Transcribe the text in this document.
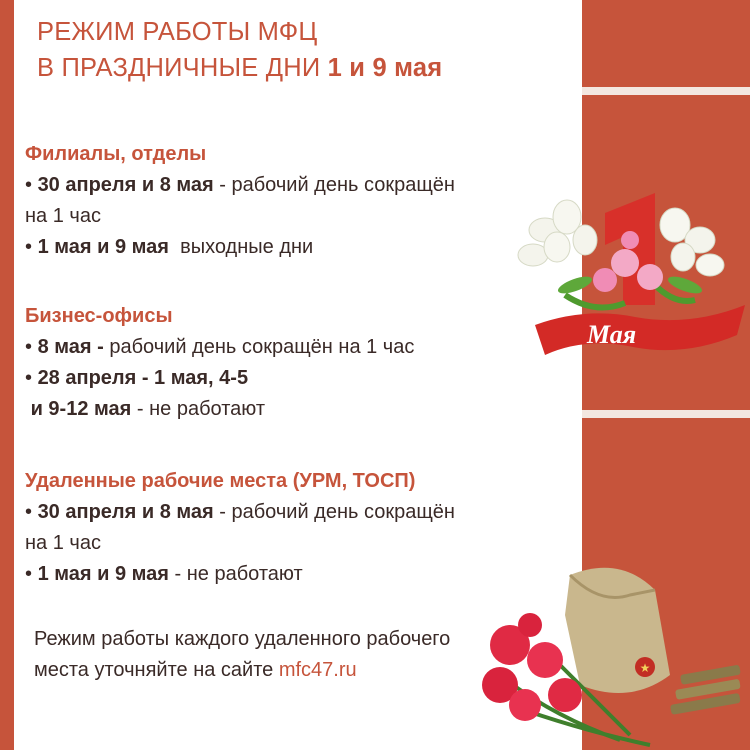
РЕЖИМ РАБОТЫ МФЦ
В ПРАЗДНИЧНЫЕ ДНИ 1 и 9 мая
Филиалы, отделы
• 30 апреля и 8 мая - рабочий день сокращён
на 1 час
• 1 мая и 9 мая  выходные дни
Бизнес-офисы
• 8 мая - рабочий день сокращён на 1 час
• 28 апреля - 1 мая, 4-5
и 9-12 мая - не работают
Удаленные рабочие места (УРМ, ТОСП)
• 30 апреля и 8 мая - рабочий день сокращён
на 1 час
• 1 мая и 9 мая - не работают
Режим работы каждого удаленного рабочего
места уточняйте на сайте mfc47.ru
Мая
★
